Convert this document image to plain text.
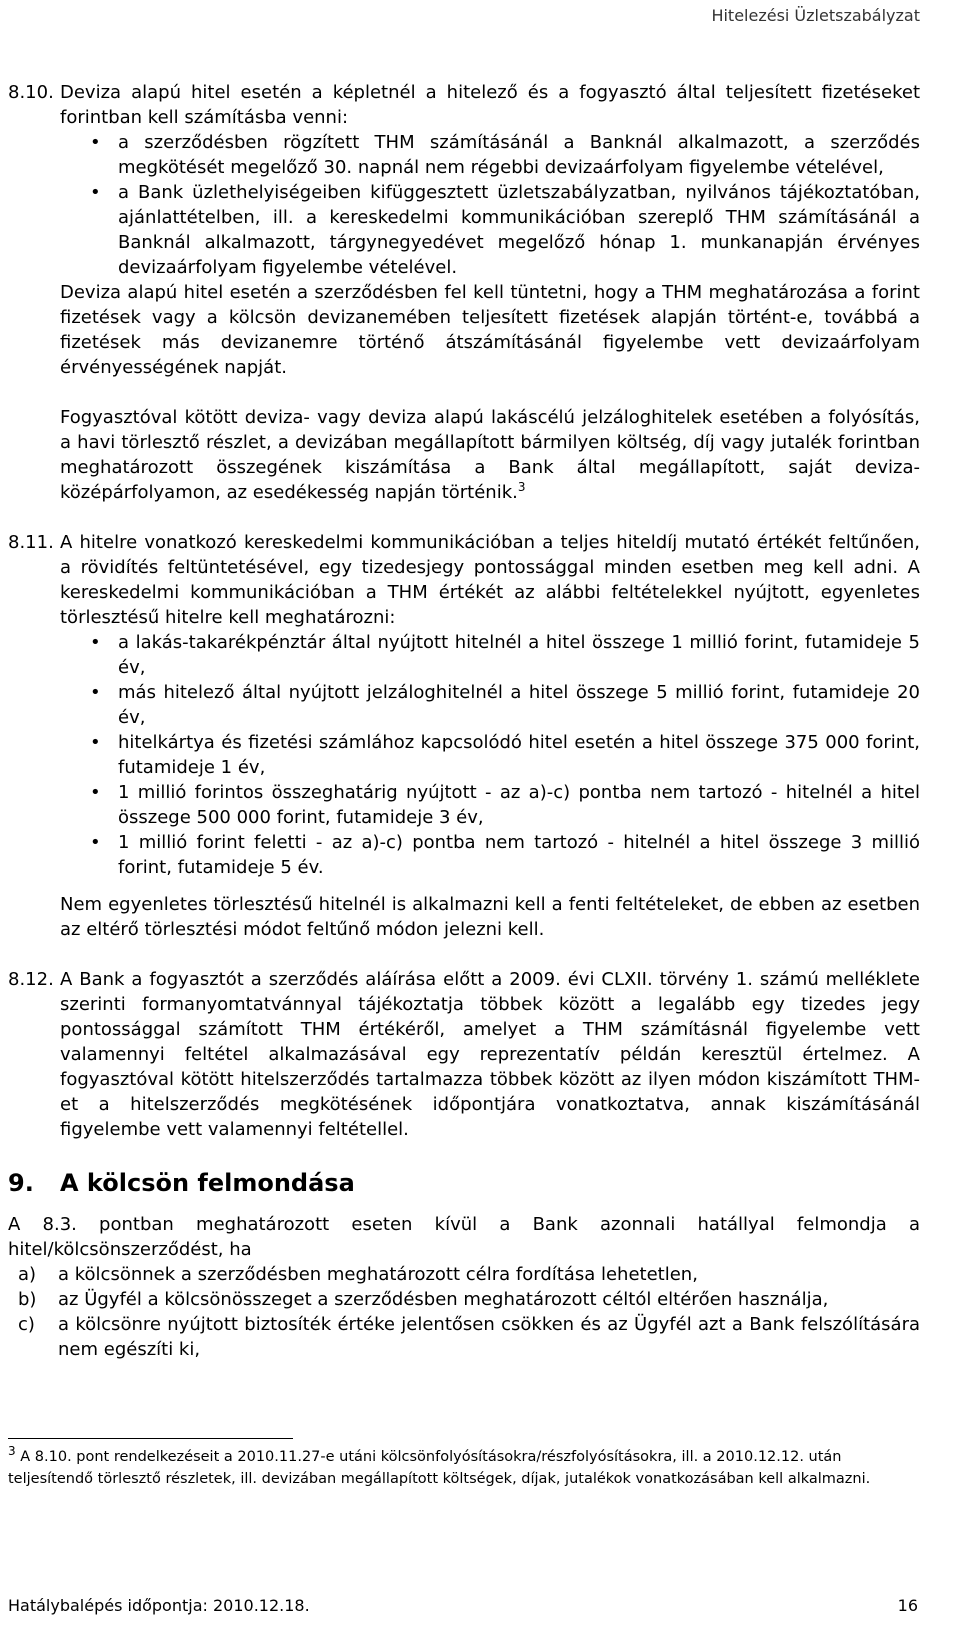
Hitelezési Üzletszabályzat
8.10. Deviza alapú hitel esetén a képletnél a hitelező és a fogyasztó által teljesített fizetéseket forintban kell számításba venni:

• a szerződésben rögzített THM számításánál a Banknál alkalmazott, a szerződés megkötését megelőző 30. napnál nem régebbi devizaárfolyam figyelembe vételével,
• a Bank üzlethelyiségeiben kifüggesztett üzletszabályzatban, nyilvános tájékoztatóban, ajánlattételben, ill. a kereskedelmi kommunikációban szereplő THM számításánál a Banknál alkalmazott, tárgynegyedévet megelőző hónap 1. munkanapján érvényes devizaárfolyam figyelembe vételével.

Deviza alapú hitel esetén a szerződésben fel kell tüntetni, hogy a THM meghatározása a forint fizetések vagy a kölcsön devizanemében teljesített fizetések alapján történt-e, továbbá a fizetések más devizanemre történő átszámításánál figyelembe vett devizaárfolyam érvényességének napját.

Fogyasztóval kötött deviza- vagy deviza alapú lakáscélú jelzáloghitelek esetében a folyósítás, a havi törlesztő részlet, a devizában megállapított bármilyen költség, díj vagy jutalék forintban meghatározott összegének kiszámítása a Bank által megállapított, saját deviza-középárfolyamon, az esedékesség napján történik.$^3$

8.11. A hitelre vonatkozó kereskedelmi kommunikációban a teljes hiteldíj mutató értékét feltűnően, a rövidítés feltüntetésével, egy tizedesjegy pontossággal minden esetben meg kell adni. A kereskedelmi kommunikációban a THM értékét az alábbi feltételekkel nyújtott, egyenletes törlesztésű hitelre kell meghatározni:

• a lakás-takarékpénztár által nyújtott hitelnél a hitel összege 1 millió forint, futamideje 5 év,
• más hitelező által nyújtott jelzáloghitelnél a hitel összege 5 millió forint, futamideje 20 év,
• hitelkártya és fizetési számlához kapcsolódó hitel esetén a hitel összege 375 000 forint, futamideje 1 év,
• 1 millió forintos összeghatárig nyújtott - az a)-c) pontba nem tartozó - hitelnél a hitel összege 500 000 forint, futamideje 3 év,
• 1 millió forint feletti - az a)-c) pontba nem tartozó - hitelnél a hitel összege 3 millió forint, futamideje 5 év.

Nem egyenletes törlesztésű hitelnél is alkalmazni kell a fenti feltételeket, de ebben az esetben az eltérő törlesztési módot feltűnő módon jelezni kell.

8.12. A Bank a fogyasztót a szerződés aláírása előtt a 2009. évi CLXII. törvény 1. számú melléklete szerinti formanyomtatvánnyal tájékoztatja többek között a legalább egy tizedes jegy pontossággal számított THM értékéről, amelyet a THM számításnál figyelembe vett valamennyi feltétel alkalmazásával egy reprezentatív példán keresztül értelmez. A fogyasztóval kötött hitelszerződés tartalmazza többek között az ilyen módon kiszámított THM-et a hitelszerződés megkötésének időpontjára vonatkoztatva, annak kiszámításánál figyelembe vett valamennyi feltétellel.

9. A kölcsön felmondása

A 8.3. pontban meghatározott eseten kívül a Bank azonnali hatállyal felmondja a hitel/kölcsönszerződést, ha

a) a kölcsönnek a szerződésben meghatározott célra fordítása lehetetlen,
b) az Ügyfél a kölcsönösszeget a szerződésben meghatározott céltól eltérően használja,
c) a kölcsönre nyújtott biztosíték értéke jelentősen csökken és az Ügyfél azt a Bank felszólítására nem egészíti ki,
$^3$ A 8.10. pont rendelkezéseit a 2010.11.27-e utáni kölcsönfolyósításokra/részfolyósításokra, ill. a 2010.12.12. után teljesítendő törlesztő részletek, ill. devizában megállapított költségek, díjak, jutalékok vonatkozásában kell alkalmazni.
Hatálybalépés időpontja: 2010.12.18.	16
